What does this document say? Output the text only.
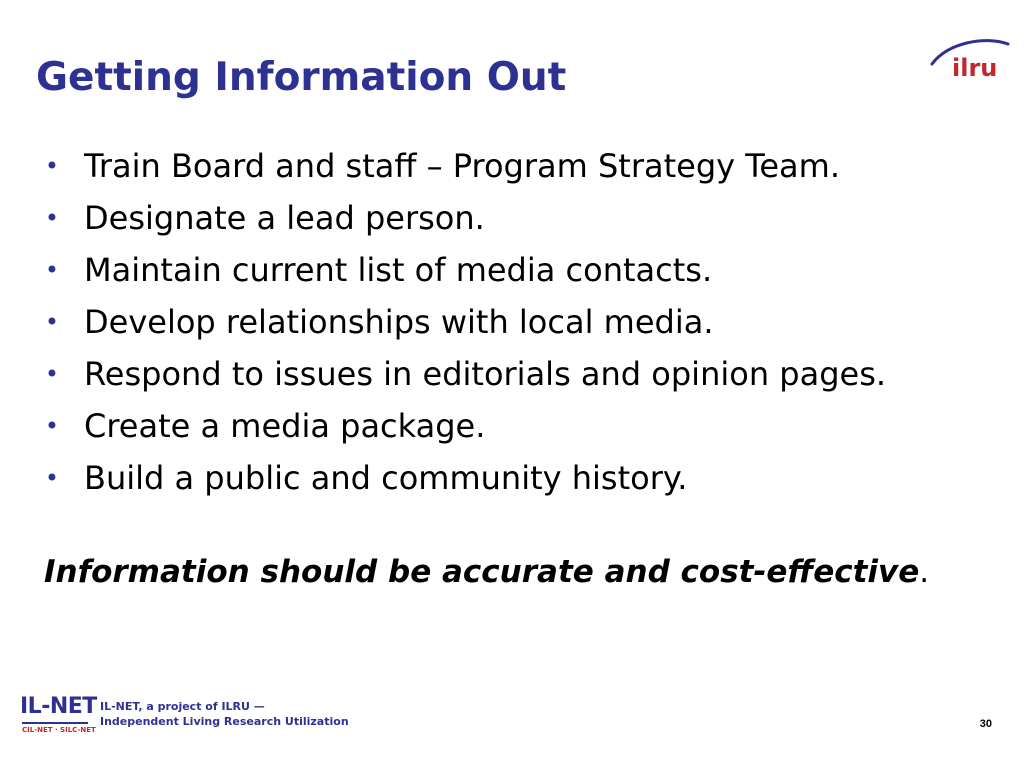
Getting Information Out	ilru
• Train Board and staff – Program Strategy Team.
• Designate a lead person.
• Maintain current list of media contacts.
• Develop relationships with local media.
• Respond to issues in editorials and opinion pages.
• Create a media package.
• Build a public and community history.

Information should be accurate and cost-effective.

IL-NET
CIL-NET · SILC-NET
IL-NET, a project of ILRU —
Independent Living Research Utilization	30
